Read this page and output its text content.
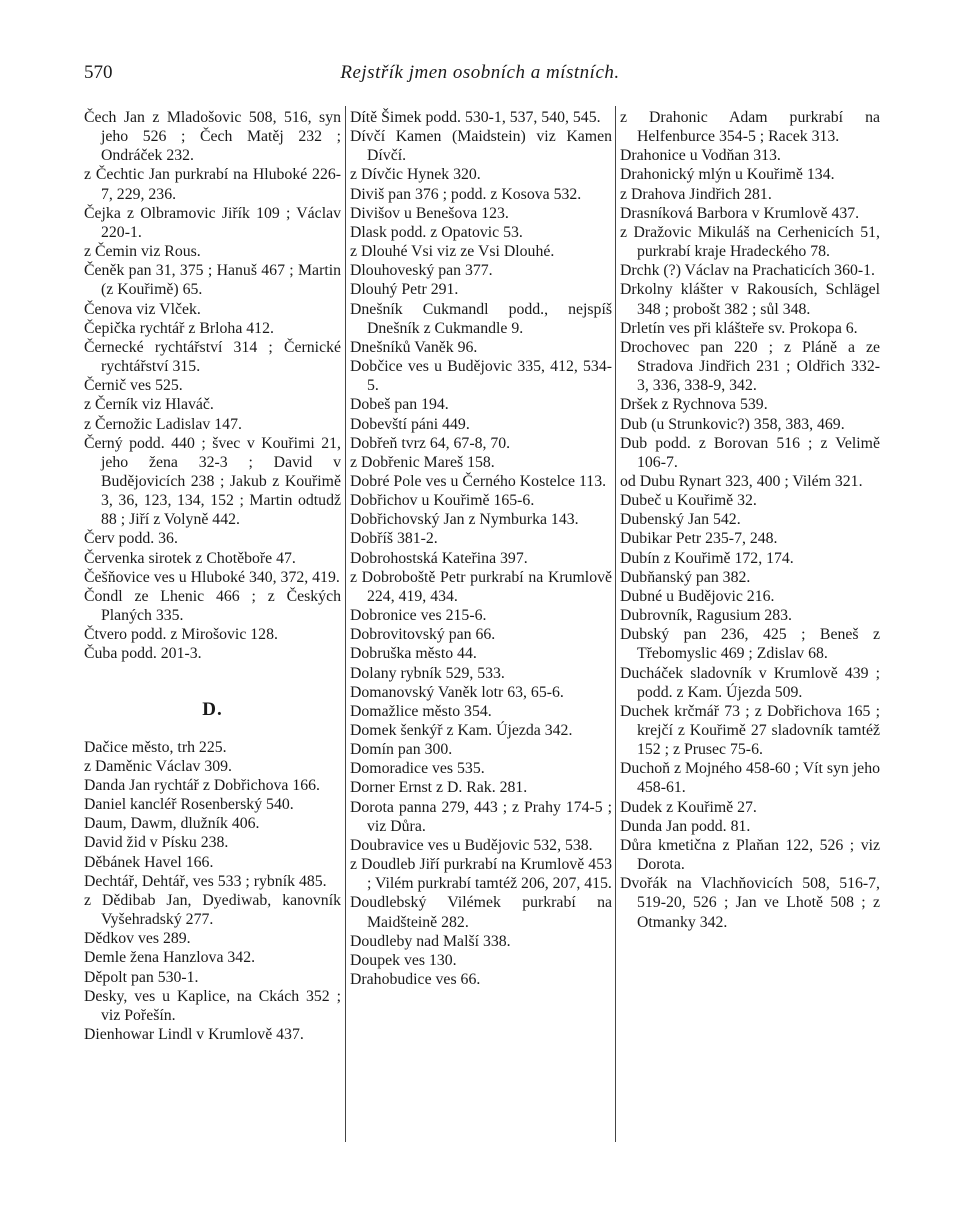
570	Rejstřík jmen osobních a místních.

Čech Jan z Mladošovic 508, 516, syn jeho 526 ; Čech Matěj 232 ; Ondráček 232.

z Čechtic Jan purkrabí na Hluboké 226-7, 229, 236.

Čejka z Olbramovic Jiřík 109 ; Václav 220-1.

z Čemin viz Rous.

Čeněk pan 31, 375 ; Hanuš 467 ; Martin (z Kouřimě) 65.

Čenova viz Vlček.

Čepička rychtář z Brloha 412.

Černecké rychtářství 314 ; Černické rychtářství 315.

Černič ves 525.

z Černík viz Hlaváč.

z Černožic Ladislav 147.

Černý podd. 440 ; švec v Kouřimi 21, jeho žena 32-3 ; David v Budějovicích 238 ; Jakub z Kouřimě 3, 36, 123, 134, 152 ; Martin odtudž 88 ; Jiří z Volyně 442.

Červ podd. 36.

Červenka sirotek z Chotěboře 47.

Češňovice ves u Hluboké 340, 372, 419.

Čondl ze Lhenic 466 ; z Českých Planých 335.

Čtvero podd. z Mirošovic 128.

Čuba podd. 201-3.

D.

Dačice město, trh 225.

z Daměnic Václav 309.

Danda Jan rychtář z Dobřichova 166.

Daniel kancléř Rosenberský 540.

Daum, Dawm, dlužník 406.

David žid v Písku 238.

Děbánek Havel 166.

Dechtář, Dehtář, ves 533 ; rybník 485.

z Dědibab Jan, Dyediwab, kanovník Vyšehradský 277.

Dědkov ves 289.

Demle žena Hanzlova 342.

Děpolt pan 530-1.

Desky, ves u Kaplice, na Ckách 352 ; viz Pořešín.

Dienhowar Lindl v Krumlově 437.

Dítě Šimek podd. 530-1, 537, 540, 545.

Dívčí Kamen (Maidstein) viz Kamen Dívčí.

z Dívčic Hynek 320.

Diviš pan 376 ; podd. z Kosova 532.

Divišov u Benešova 123.

Dlask podd. z Opatovic 53.

z Dlouhé Vsi viz ze Vsi Dlouhé.

Dlouhoveský pan 377.

Dlouhý Petr 291.

Dnešník Cukmandl podd., nejspíš Dnešník z Cukmandle 9.

Dnešníků Vaněk 96.

Dobčice ves u Budějovic 335, 412, 534-5.

Dobeš pan 194.

Dobevští páni 449.

Dobřeň tvrz 64, 67-8, 70.

z Dobřenic Mareš 158.

Dobré Pole ves u Černého Kostelce 113.

Dobřichov u Kouřimě 165-6.

Dobřichovský Jan z Nymburka 143.

Dobříš 381-2.

Dobrohostská Kateřina 397.

z Dobroboště Petr purkrabí na Krumlově 224, 419, 434.

Dobronice ves 215-6.

Dobrovitovský pan 66.

Dobruška město 44.

Dolany rybník 529, 533.

Domanovský Vaněk lotr 63, 65-6.

Domažlice město 354.

Domek šenkýř z Kam. Újezda 342.

Domín pan 300.

Domoradice ves 535.

Dorner Ernst z D. Rak. 281.

Dorota panna 279, 443 ; z Prahy 174-5 ; viz Důra.

Doubravice ves u Budějovic 532, 538.

z Doudleb Jiří purkrabí na Krumlově 453 ; Vilém purkrabí tamtéž 206, 207, 415.

Doudlebský Vilémek purkrabí na Maidšteině 282.

Doudleby nad Malší 338.

Doupek ves 130.

Drahobudice ves 66.

z Drahonic Adam purkrabí na Helfenburce 354-5 ; Racek 313.

Drahonice u Vodňan 313.

Drahonický mlýn u Kouřimě 134.

z Drahova Jindřich 281.

Drasníková Barbora v Krumlově 437.

z Dražovic Mikuláš na Cerhenicích 51, purkrabí kraje Hradeckého 78.

Drchk (?) Václav na Prachaticích 360-1.

Drkolny klášter v Rakousích, Schlägel 348 ; probošt 382 ; sůl 348.

Drletín ves při klášteře sv. Prokopa 6.

Drochovec pan 220 ; z Pláně a ze Stradova Jindřich 231 ; Oldřich 332-3, 336, 338-9, 342.

Dršek z Rychnova 539.

Dub (u Strunkovic?) 358, 383, 469.

Dub podd. z Borovan 516 ; z Velimě 106-7.

od Dubu Rynart 323, 400 ; Vilém 321.

Dubeč u Kouřimě 32.

Dubenský Jan 542.

Dubikar Petr 235-7, 248.

Dubín z Kouřimě 172, 174.

Dubňanský pan 382.

Dubné u Budějovic 216.

Dubrovník, Ragusium 283.

Dubský pan 236, 425 ; Beneš z Třebomyslic 469 ; Zdislav 68.

Ducháček sladovník v Krumlově 439 ; podd. z Kam. Újezda 509.

Duchek krčmář 73 ; z Dobřichova 165 ; krejčí z Kouřimě 27 sladovník tamtéž 152 ; z Prusec 75-6.

Duchoň z Mojného 458-60 ; Vít syn jeho 458-61.

Dudek z Kouřimě 27.

Dunda Jan podd. 81.

Důra kmetična z Plaňan 122, 526 ; viz Dorota.

Dvořák na Vlachňovicích 508, 516-7, 519-20, 526 ; Jan ve Lhotě 508 ; z Otmanky 342.
